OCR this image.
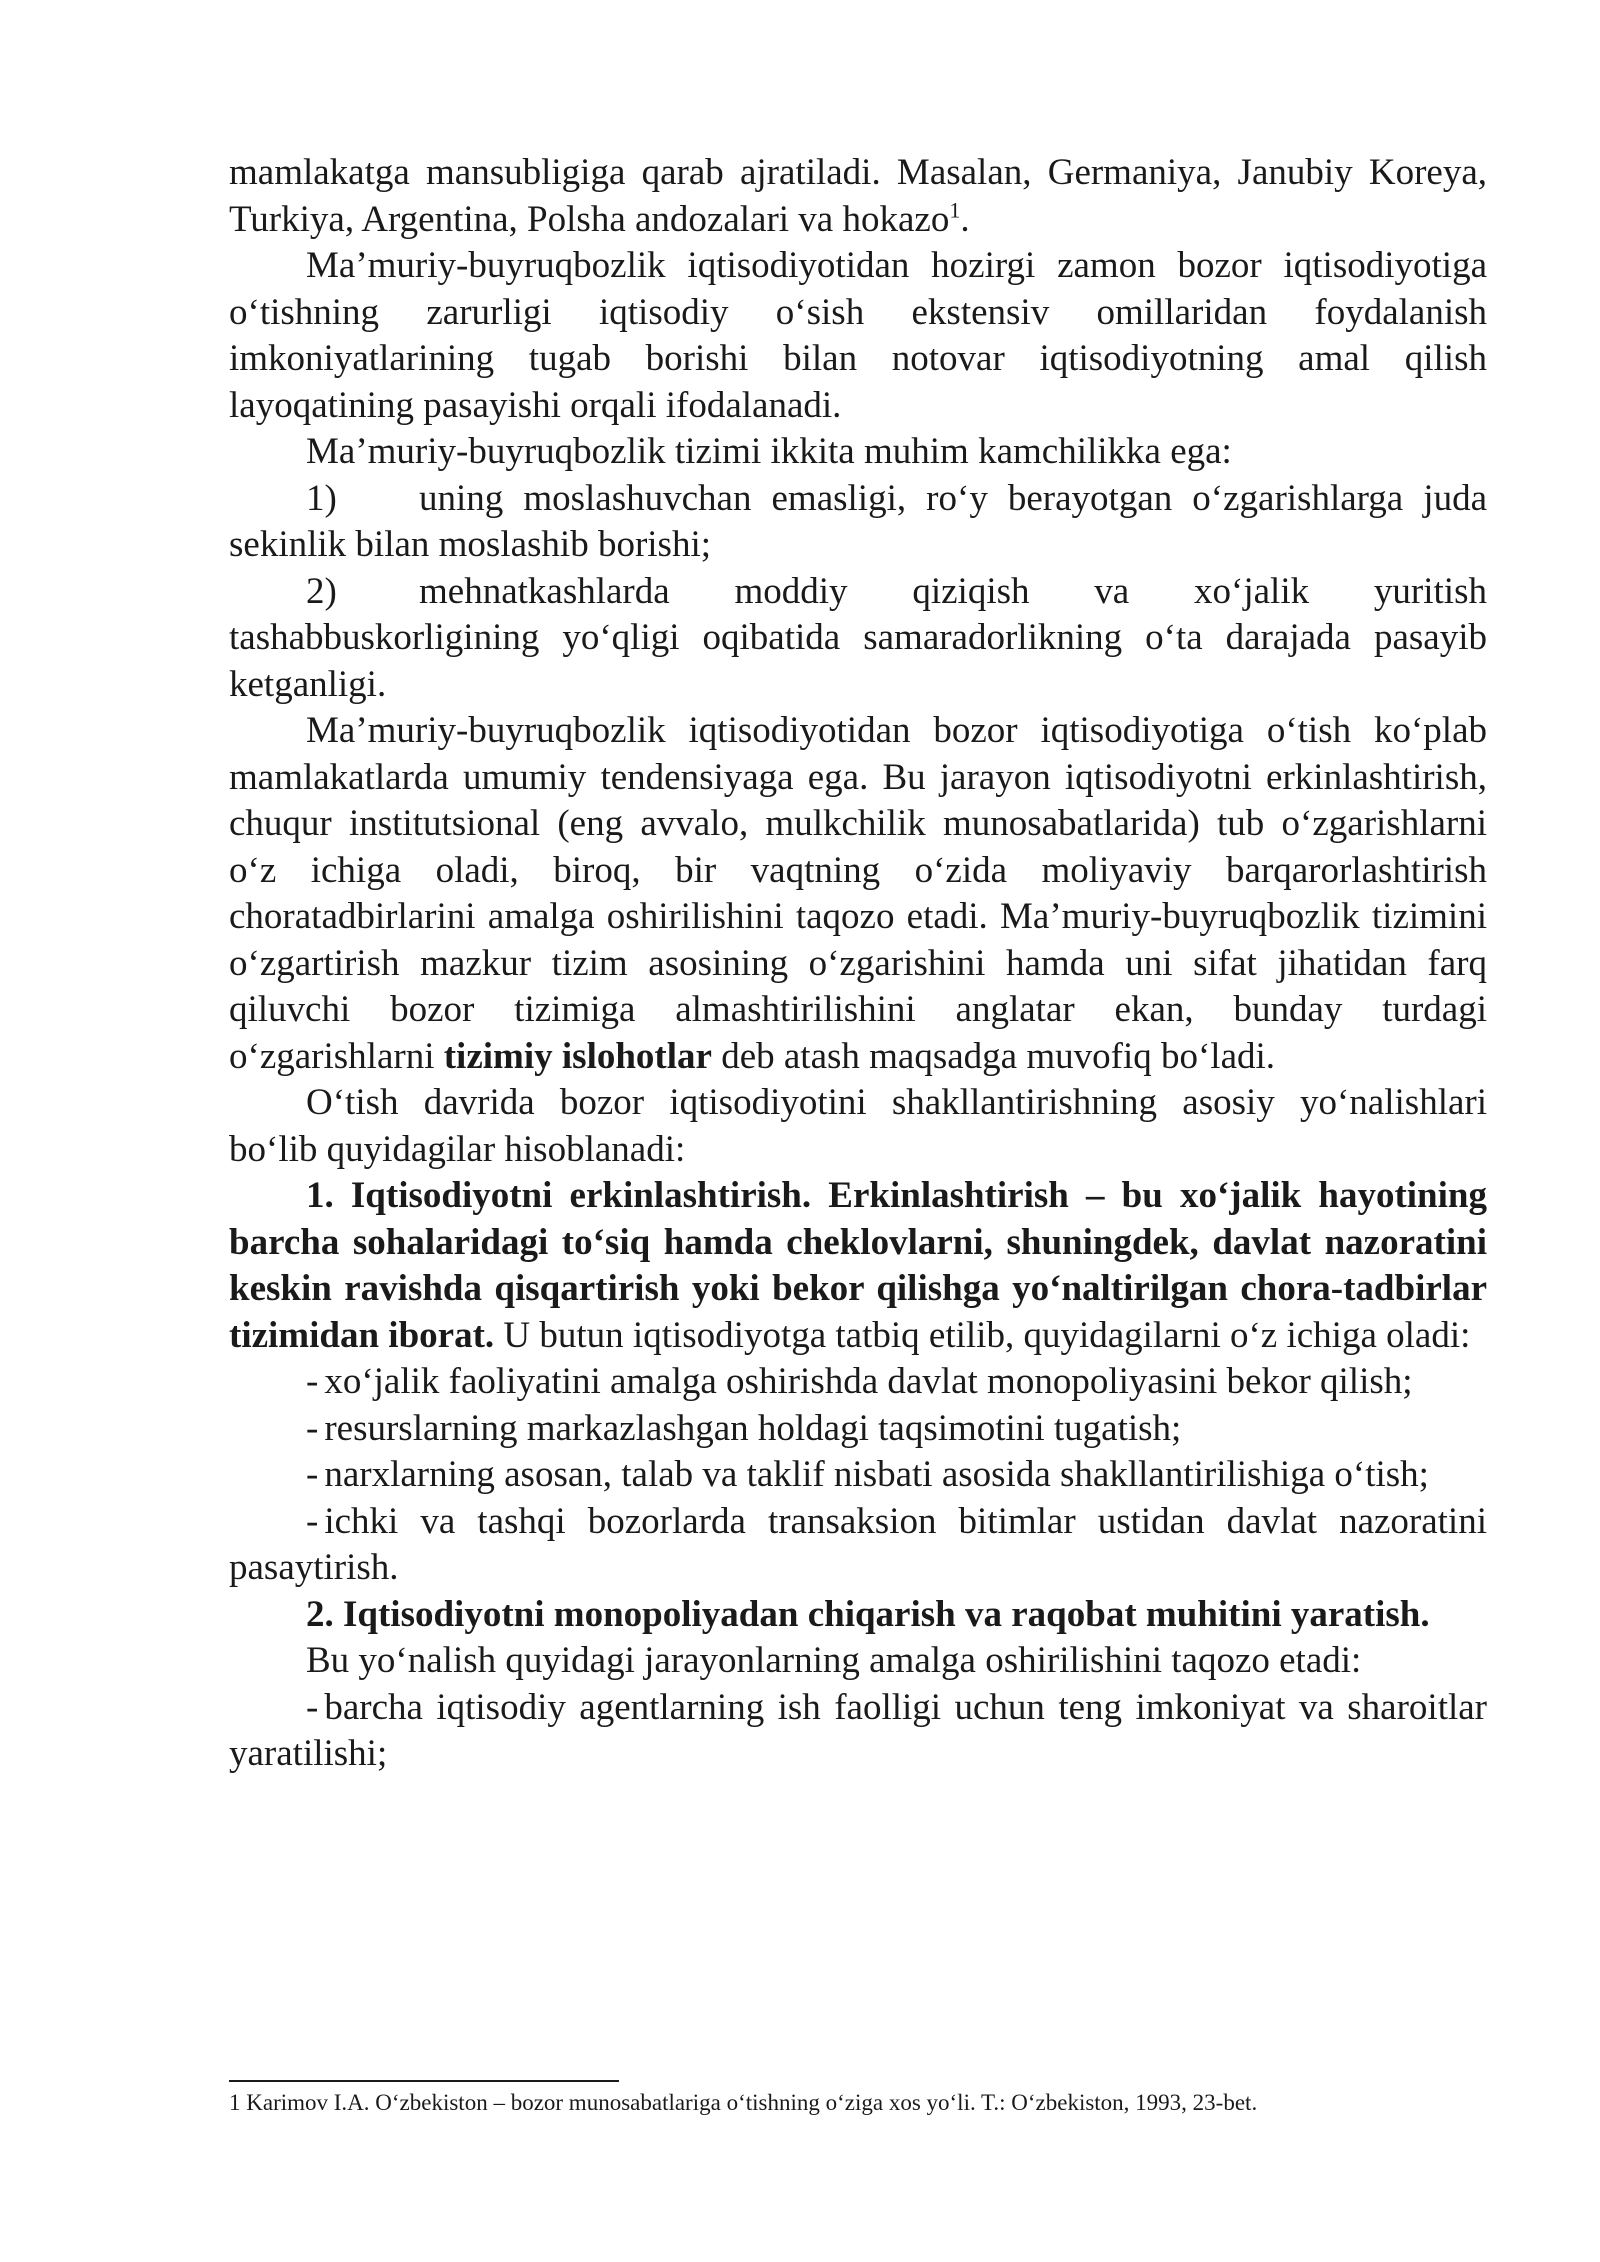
mamlakatga mansubligiga qarab ajratiladi. Masalan, Germaniya, Janubiy Koreya, Turkiya, Argentina, Polsha andozalari va hokazo$^1$.

Ma’muriy-buyruqbozlik iqtisodiyotidan hozirgi zamon bozor iqtisodiyotiga o‘tishning zarurligi iqtisodiy o‘sish ekstensiv omillaridan foydalanish imkoniyatlarining tugab borishi bilan notovar iqtisodiyotning amal qilish layoqatining pasayishi orqali ifodalanadi.

Ma’muriy-buyruqbozlik tizimi ikkita muhim kamchilikka ega:

1) uning moslashuvchan emasligi, ro‘y berayotgan o‘zgarishlarga juda sekinlik bilan moslashib borishi;

2) mehnatkashlarda moddiy qiziqish va xo‘jalik yuritish tashabbuskorligining yo‘qligi oqibatida samaradorlikning o‘ta darajada pasayib ketganligi.

Ma’muriy-buyruqbozlik iqtisodiyotidan bozor iqtisodiyotiga o‘tish ko‘plab mamlakatlarda umumiy tendensiyaga ega. Bu jarayon iqtisodiyotni erkinlashtirish, chuqur institutsional (eng avvalo, mulkchilik munosabatlarida) tub o‘zgarishlarni o‘z ichiga oladi, biroq, bir vaqtning o‘zida moliyaviy barqarorlashtirish choratadbirlarini amalga oshirilishini taqozo etadi. Ma’muriy-buyruqbozlik tizimini o‘zgartirish mazkur tizim asosining o‘zgarishini hamda uni sifat jihatidan farq qiluvchi bozor tizimiga almashtirilishini anglatar ekan, bunday turdagi o‘zgarishlarni tizimiy islohotlar deb atash maqsadga muvofiq bo‘ladi.

O‘tish davrida bozor iqtisodiyotini shakllantirishning asosiy yo‘nalishlari bo‘lib quyidagilar hisoblanadi:

1. Iqtisodiyotni erkinlashtirish. Erkinlashtirish – bu xo‘jalik hayotining barcha sohalaridagi to‘siq hamda cheklovlarni, shuningdek, davlat nazoratini keskin ravishda qisqartirish yoki bekor qilishga yo‘naltirilgan chora-tadbirlar tizimidan iborat. U butun iqtisodiyotga tatbiq etilib, quyidagilarni o‘z ichiga oladi:

- xo‘jalik faoliyatini amalga oshirishda davlat monopoliyasini bekor qilish;

- resurslarning markazlashgan holdagi taqsimotini tugatish;

- narxlarning asosan, talab va taklif nisbati asosida shakllantirilishiga o‘tish;

- ichki va tashqi bozorlarda transaksion bitimlar ustidan davlat nazoratini pasaytirish.

2. Iqtisodiyotni monopoliyadan chiqarish va raqobat muhitini yaratish.

Bu yo‘nalish quyidagi jarayonlarning amalga oshirilishini taqozo etadi:

- barcha iqtisodiy agentlarning ish faolligi uchun teng imkoniyat va sharoitlar yaratilishi;

1 Karimov I.A. O‘zbekiston – bozor munosabatlariga o‘tishning o‘ziga xos yo‘li. T.: O‘zbekiston, 1993, 23-bet.
